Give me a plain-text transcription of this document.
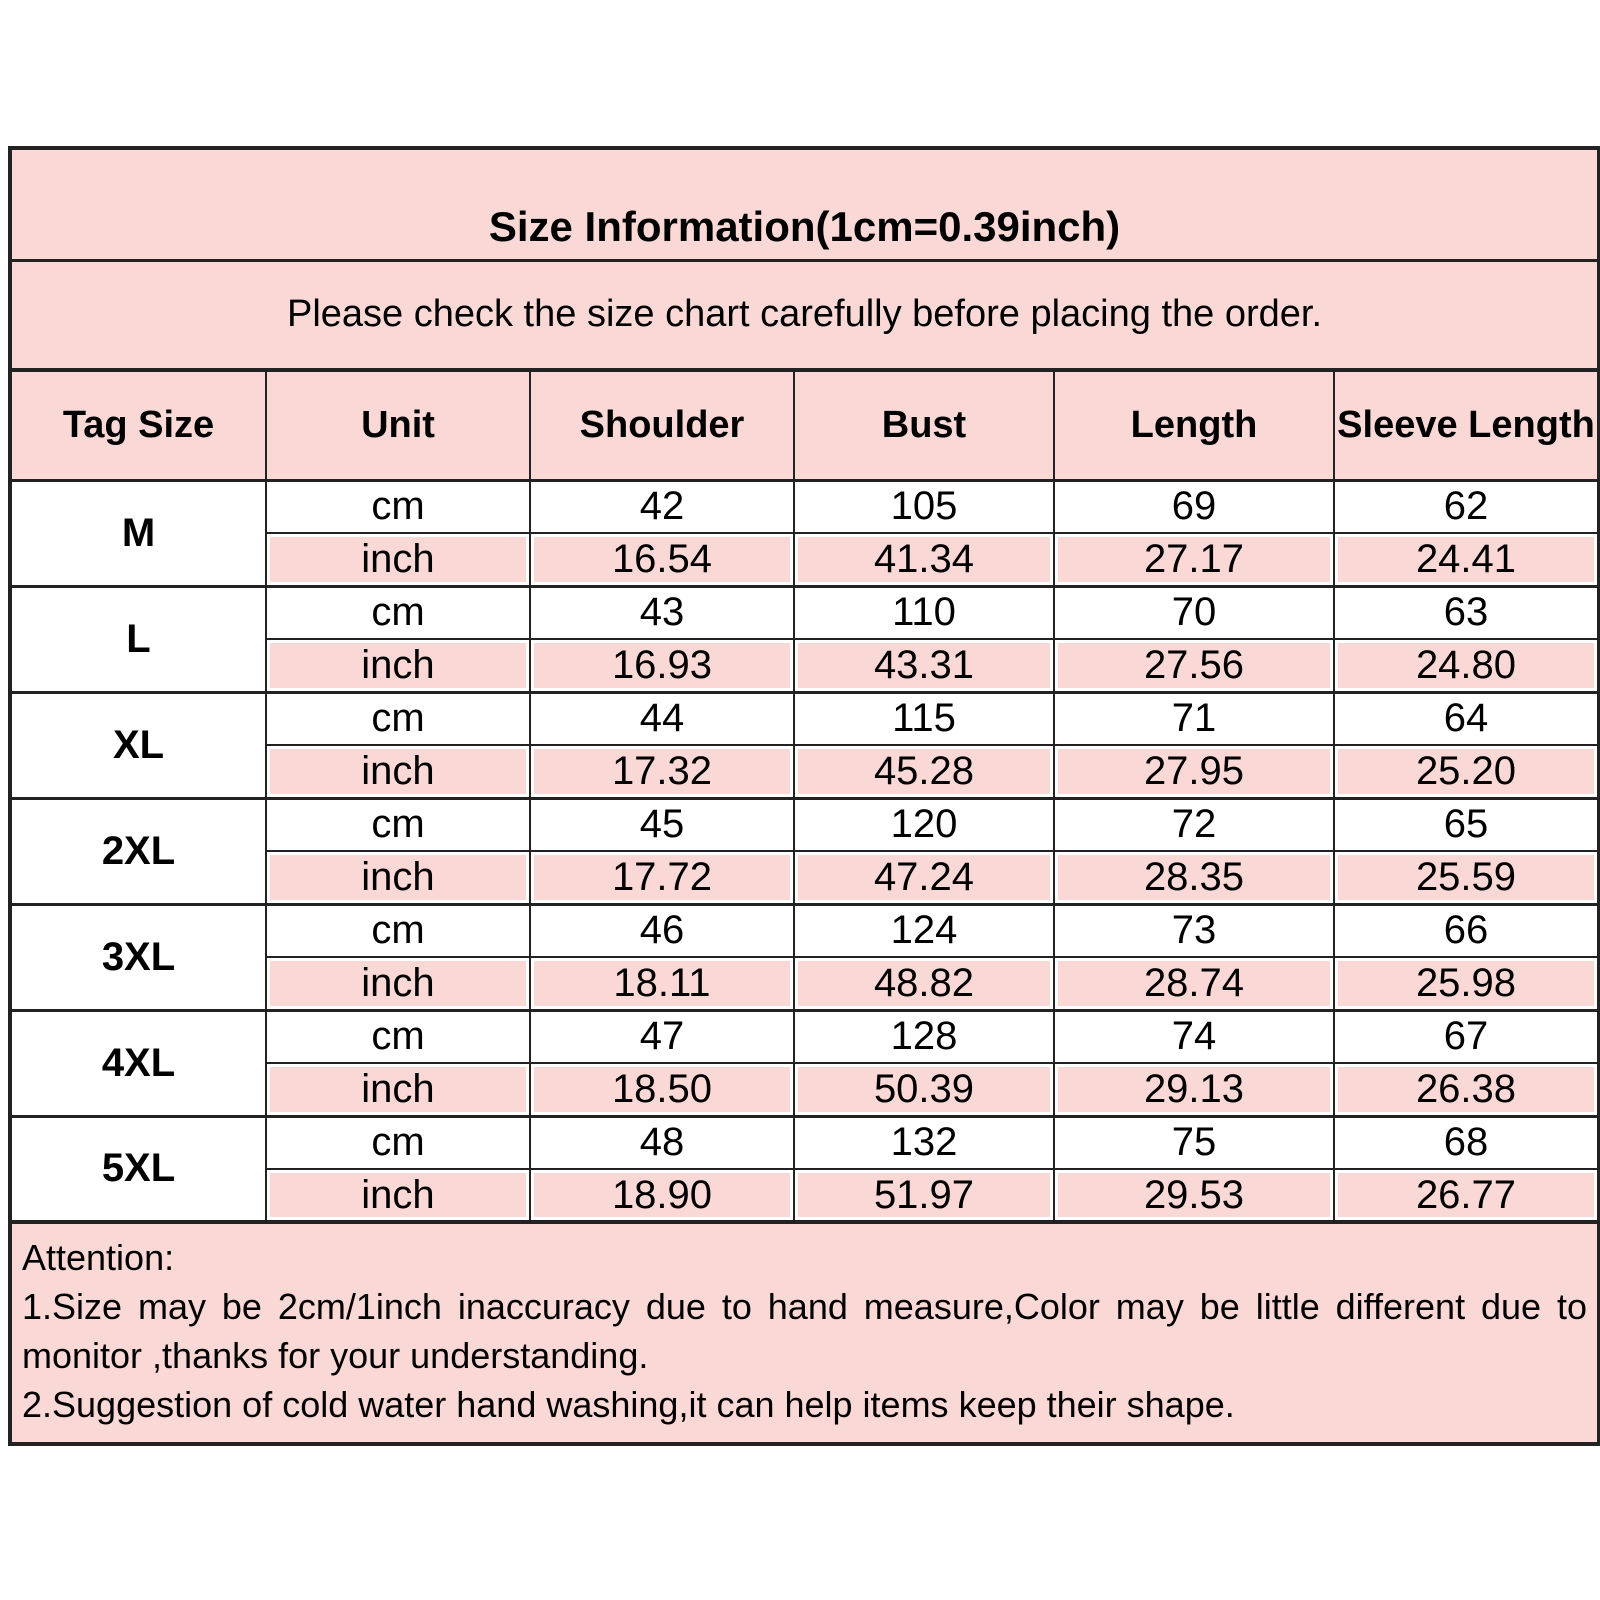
Size Information(1cm=0.39inch)					
Please check the size chart carefully before placing the order.					
Tag Size	Unit	Shoulder	Bust	Length	Sleeve Length
M	cm	42	105	69	62
	inch	16.54	41.34	27.17	24.41
L	cm	43	110	70	63
	inch	16.93	43.31	27.56	24.80
XL	cm	44	115	71	64
	inch	17.32	45.28	27.95	25.20
2XL	cm	45	120	72	65
	inch	17.72	47.24	28.35	25.59
3XL	cm	46	124	73	66
	inch	18.11	48.82	28.74	25.98
4XL	cm	47	128	74	67
	inch	18.50	50.39	29.13	26.38
5XL	cm	48	132	75	68
	inch	18.90	51.97	29.53	26.77

Attention:
1.Size may be 2cm/1inch inaccuracy due to hand measure,Color may be little different due to monitor ,thanks for your understanding.
2.Suggestion of cold water hand washing,it can help items keep their shape.					
